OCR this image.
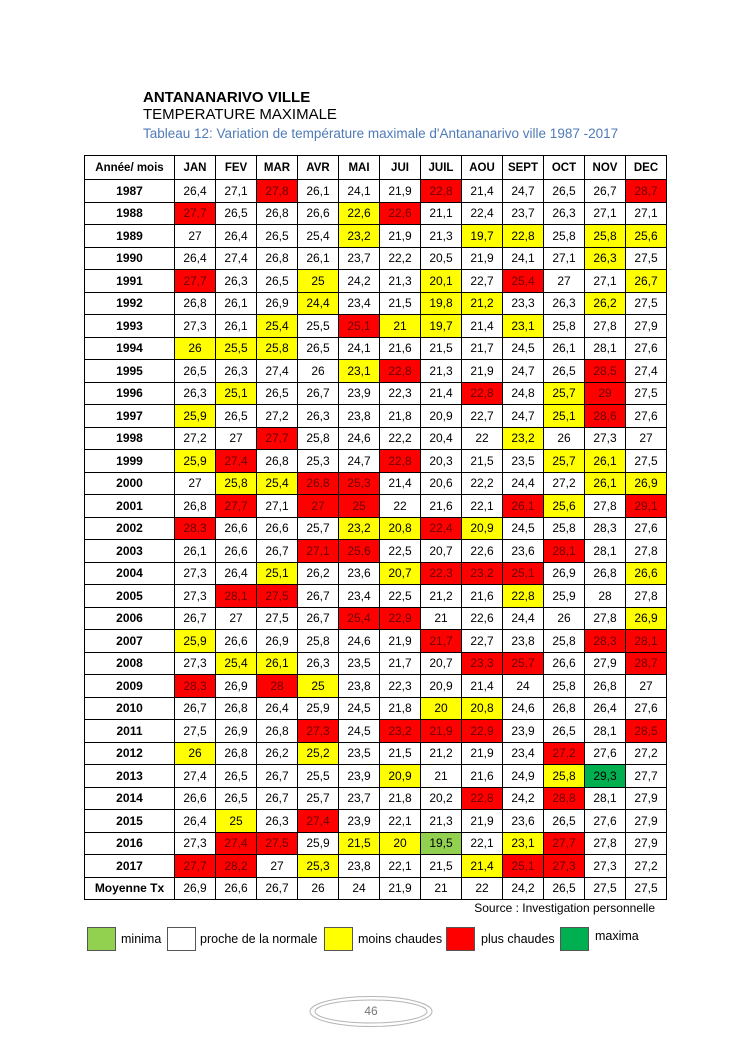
ANTANANARIVO VILLE
TEMPERATURE MAXIMALE
Tableau 12: Variation de température maximale d'Antananarivo ville 1987 -2017
Année/ mois	JAN	FEV	MAR	AVR	MAI	JUI	JUIL	AOU	SEPT	OCT	NOV	DEC
1987	26,4	27,1	27,8	26,1	24,1	21,9	22,8	21,4	24,7	26,5	26,7	28,7
1988	27,7	26,5	26,8	26,6	22,6	22,6	21,1	22,4	23,7	26,3	27,1	27,1
1989	27	26,4	26,5	25,4	23,2	21,9	21,3	19,7	22,8	25,8	25,8	25,6
1990	26,4	27,4	26,8	26,1	23,7	22,2	20,5	21,9	24,1	27,1	26,3	27,5
1991	27,7	26,3	26,5	25	24,2	21,3	20,1	22,7	25,4	27	27,1	26,7
1992	26,8	26,1	26,9	24,4	23,4	21,5	19,8	21,2	23,3	26,3	26,2	27,5
1993	27,3	26,1	25,4	25,5	25,1	21	19,7	21,4	23,1	25,8	27,8	27,9
1994	26	25,5	25,8	26,5	24,1	21,6	21,5	21,7	24,5	26,1	28,1	27,6
1995	26,5	26,3	27,4	26	23,1	22,8	21,3	21,9	24,7	26,5	28,5	27,4
1996	26,3	25,1	26,5	26,7	23,9	22,3	21,4	22,8	24,8	25,7	29	27,5
1997	25,9	26,5	27,2	26,3	23,8	21,8	20,9	22,7	24,7	25,1	28,6	27,6
1998	27,2	27	27,7	25,8	24,6	22,2	20,4	22	23,2	26	27,3	27
1999	25,9	27,4	26,8	25,3	24,7	22,8	20,3	21,5	23,5	25,7	26,1	27,5
2000	27	25,8	25,4	26,8	25,3	21,4	20,6	22,2	24,4	27,2	26,1	26,9
2001	26,8	27,7	27,1	27	25	22	21,6	22,1	26,1	25,6	27,8	29,1
2002	28,3	26,6	26,6	25,7	23,2	20,8	22,4	20,9	24,5	25,8	28,3	27,6
2003	26,1	26,6	26,7	27,1	25,6	22,5	20,7	22,6	23,6	28,1	28,1	27,8
2004	27,3	26,4	25,1	26,2	23,6	20,7	22,3	23,2	25,1	26,9	26,8	26,6
2005	27,3	28,1	27,5	26,7	23,4	22,5	21,2	21,6	22,8	25,9	28	27,8
2006	26,7	27	27,5	26,7	25,4	22,9	21	22,6	24,4	26	27,8	26,9
2007	25,9	26,6	26,9	25,8	24,6	21,9	21,7	22,7	23,8	25,8	28,3	28,1
2008	27,3	25,4	26,1	26,3	23,5	21,7	20,7	23,3	25,7	26,6	27,9	28,7
2009	28,3	26,9	28	25	23,8	22,3	20,9	21,4	24	25,8	26,8	27
2010	26,7	26,8	26,4	25,9	24,5	21,8	20	20,8	24,6	26,8	26,4	27,6
2011	27,5	26,9	26,8	27,3	24,5	23,2	21,9	22,9	23,9	26,5	28,1	28,5
2012	26	26,8	26,2	25,2	23,5	21,5	21,2	21,9	23,4	27,2	27,6	27,2
2013	27,4	26,5	26,7	25,5	23,9	20,9	21	21,6	24,9	25,8	29,3	27,7
2014	26,6	26,5	26,7	25,7	23,7	21,8	20,2	22,8	24,2	28,8	28,1	27,9
2015	26,4	25	26,3	27,4	23,9	22,1	21,3	21,9	23,6	26,5	27,6	27,9
2016	27,3	27,4	27,5	25,9	21,5	20	19,5	22,1	23,1	27,7	27,8	27,9
2017	27,7	28,2	27	25,3	23,8	22,1	21,5	21,4	25,1	27,3	27,3	27,2
Moyenne Tx	26,9	26,6	26,7	26	24	21,9	21	22	24,2	26,5	27,5	27,5
Source : Investigation personnelle
minima	proche de la normale	moins chaudes	plus chaudes	maxima
46
